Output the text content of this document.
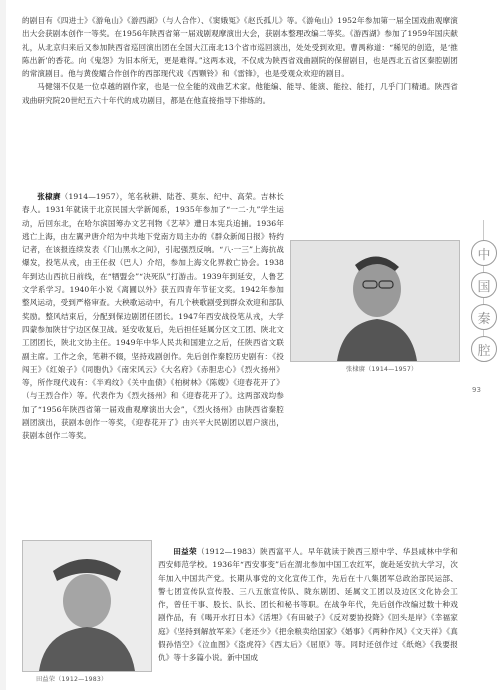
的剧目有《四进士》《游龟山》《游西湖》（与人合作）、《窦娥冤》《赵氏孤儿》等。《游龟山》1952年参加第一届全国戏曲观摩演出大会获剧本创作一等奖。在1956年陕西省第一届戏剧观摩演出大会，获剧本整理改编二等奖。《游西湖》参加了1959年国庆献礼，从北京归来后又参加陕西省巡回演出团在全国大江南北13个省市巡回演出，处处受到欢迎。曹禺称道：“稀见的创造，是‘推陈出新’的香花。向《鬼怨》为旧本所无，更是难得。”这两本戏，不仅成为陕西省戏曲剧院的保留剧目，也是西北五省区秦腔剧团的常演剧目。他与黄俊耀合作创作的西部现代戏《西颗铃》和《雷锋》，也是受观众欢迎的剧目。

马健翎不仅是一位卓越的剧作家，也是一位全能的戏曲艺术家。他能编、能导、能演、能拉、能打，几乎门门精通。陕西省戏曲研究院20世纪五六十年代的成功剧目，都是在他直接指导下排练的。

张棣赓（1914—1957），笔名秋耕、陆苍、莫东、纪中、高荣。吉林长春人。1931年就读于北京民国大学新闻系，1935年参加了“一二·九”学生运动，后回东北，在哈尔滨国筹办文艺刊物《艺萃》遭日本宪兵追捕。1936年逃亡上海，由左翼尹唐介绍为中共地下党南方局主办的《群众新闻日报》特约记者，在该报连续发表《门山黑水之间》，引起强烈反响。“八·一三”上海抗战爆发，投笔从戎，由王任叔（巴人）介绍，参加上海文化界救亡协会。1938年到达山西抗日前线，在“牺盟会”“决死队”打游击。1939年到延安，人鲁艺文学系学习。1940年小说《离圃以外》获五四青年节征文奖。1942年参加整风运动，受到严格审查。大秧歌运动中，有几个秧歌剧受到群众欢迎和部队奖励。整风结束后，分配到保边剧团任团长。1947年西安战役笔从戎，大学四蒙参加陕甘宁边区保卫战。延安收复后，先后担任延属分区文工团、陕北文工团团长，陕北文协主任。1949年中华人民共和国建立之后，任陕西省文联副主席。工作之余，笔耕不辍，坚持戏剧创作。先后创作秦腔历史剧有：《投闯王》《红娘子》《同胞仇》《南宋风云》《大名府》《赤胆忠心》《烈火扬州》等，所作现代戏有：《半鸡纹》《关中血债》《柏树林》《陈嫂》《迎春花开了》（与王烈合作）等。代表作为《烈火扬州》和《迎春花开了》。这两部戏均参加了“1956年陕西省第一届戏曲观摩演出大会”，《烈火扬州》由陕西省秦腔剧团演出，获剧本创作一等奖，《迎春花开了》由兴平大民剧团以眉户演出，获剧本创作二等奖。

张棣赓（1914—1957）

田益荣（1912—1983）陕西富平人。早年就读于陕西三原中学、华县咸林中学和西安师范学校。1936年“西安事变”后在渭北参加中国工农红军，旋赴延安抗大学习，次年加入中国共产党。长期从事党的文化宣传工作，先后在十八集团军总政治部民运部、警七团宣传队宣传股、三八五旅宣传队、陇东剧团、延属文工团以及边区文化协会工作，曾任干事、股长、队长、团长和秘书等职。在战争年代，先后创作改编过数十种戏剧作品，有《喝开水打日本》《活埋》《有田破子》《反对要协投降》《回头是岸》《幸福家庭》《坚持到解放军来》《老还少》《把余粮卖给国家》《婚事》《两种作风》《文天祥》《真假孙悟空》《泣血图》《盗虎符》《西太后》《屈原》等。同时还创作过《纸炮》《我要报仇》等十多篇小说。新中国成

田益荣（1912—1983）
中
国
秦
腔
93
